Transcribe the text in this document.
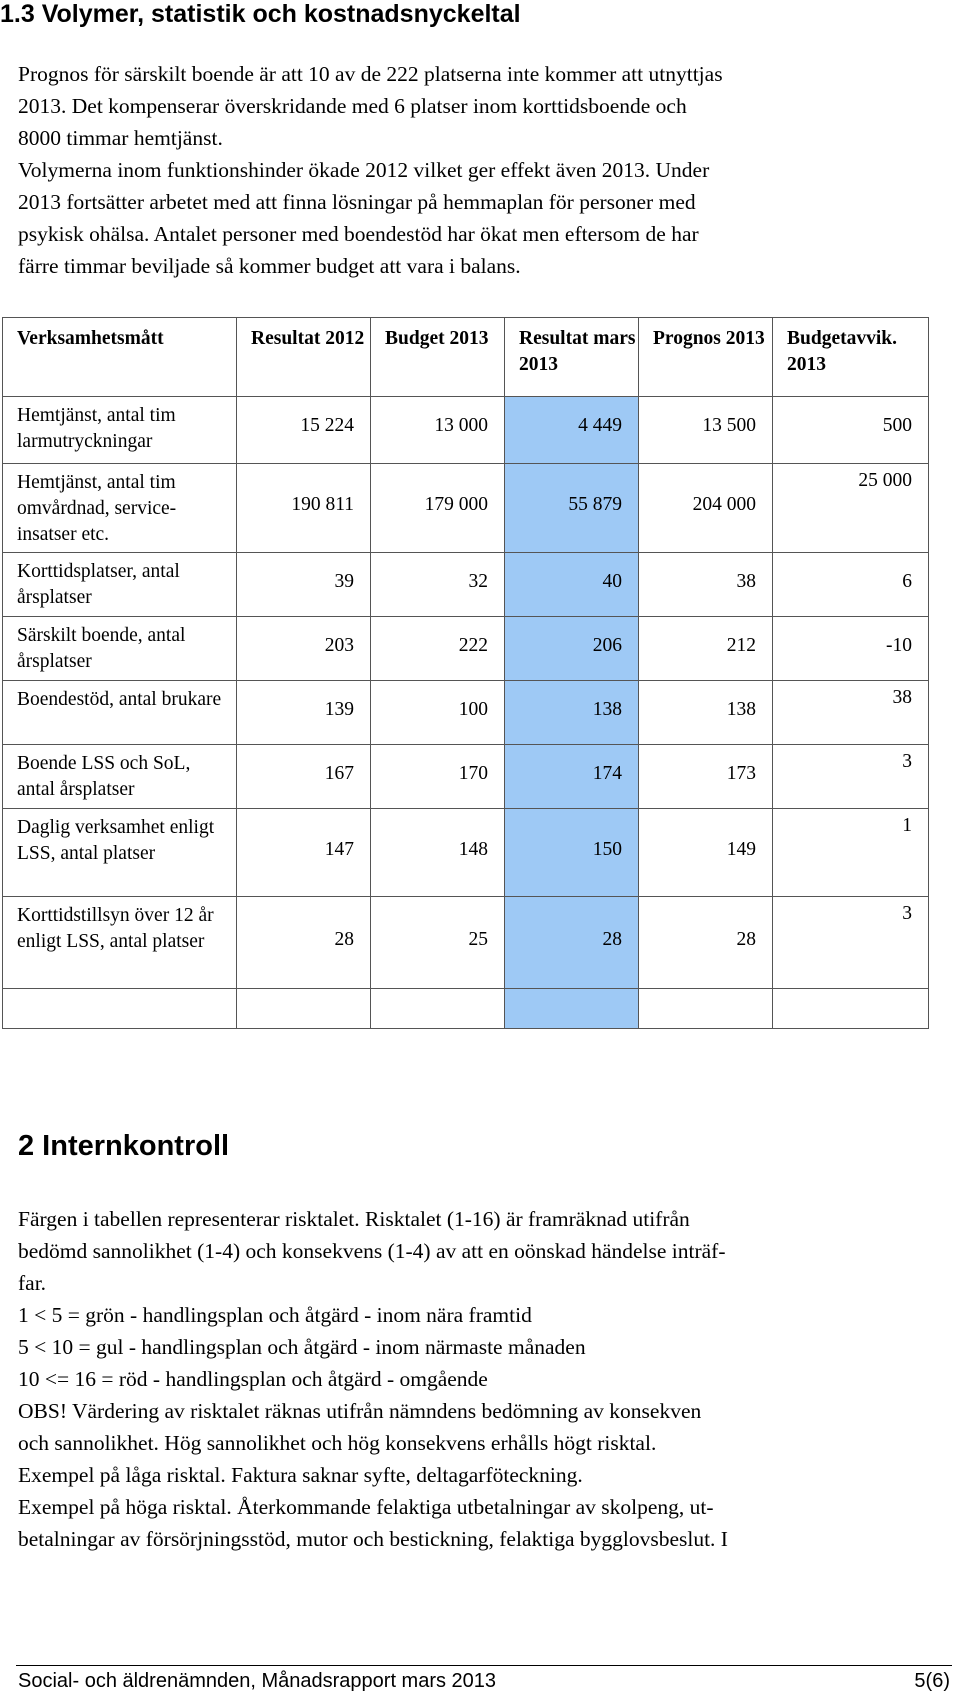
1.3 Volymer, statistik och kostnadsnyckeltal
Prognos för särskilt boende är att 10 av de 222 platserna inte kommer att utnyttjas
2013. Det kompenserar överskridande med 6 platser inom korttidsboende och
8000 timmar hemtjänst.
Volymerna inom funktionshinder ökade 2012 vilket ger effekt även 2013. Under
2013 fortsätter arbetet med att finna lösningar på hemmaplan för personer med
psykisk ohälsa. Antalet personer med boendestöd har ökat men eftersom de har
färre timmar beviljade så kommer budget att vara i balans.
Verksamhetsmått	Resultat 2012	Budget 2013	Resultat mars 2013	Prognos 2013	Budgetavvik. 2013
Hemtjänst, antal tim larmutryckningar	15 224	13 000	4 449	13 500	500

Hemtjänst, antal tim omvårdnad, service-insatser etc.	190 811	179 000	55 879	204 000	25 000

Korttidsplatser, antal årsplatser	39	32	40	38	6

Särskilt boende, antal årsplatser	203	222	206	212	-10

Boendestöd, antal brukare	139	100	138	138	38

Boende LSS och SoL, antal årsplatser	167	170	174	173	3

Daglig verksamhet enligt LSS, antal platser	147	148	150	149	1

Korttidstillsyn över 12 år enligt LSS, antal platser	28	25	28	28	3

2 Internkontroll
Färgen i tabellen representerar risktalet. Risktalet (1-16) är framräknad utifrån
bedömd sannolikhet (1-4) och konsekvens (1-4) av att en oönskad händelse inträf-
far.
1 < 5 = grön - handlingsplan och åtgärd - inom nära framtid
5 < 10 = gul - handlingsplan och åtgärd - inom närmaste månaden
10 <= 16 = röd - handlingsplan och åtgärd - omgående
OBS! Värdering av risktalet räknas utifrån nämndens bedömning av konsekven
och sannolikhet. Hög sannolikhet och hög konsekvens erhålls högt risktal.
Exempel på låga risktal. Faktura saknar syfte, deltagarföteckning.
Exempel på höga risktal. Återkommande felaktiga utbetalningar av skolpeng, ut-
betalningar av försörjningsstöd, mutor och bestickning, felaktiga bygglovsbeslut. I
Social- och äldrenämnden, Månadsrapport mars 2013	5(6)
